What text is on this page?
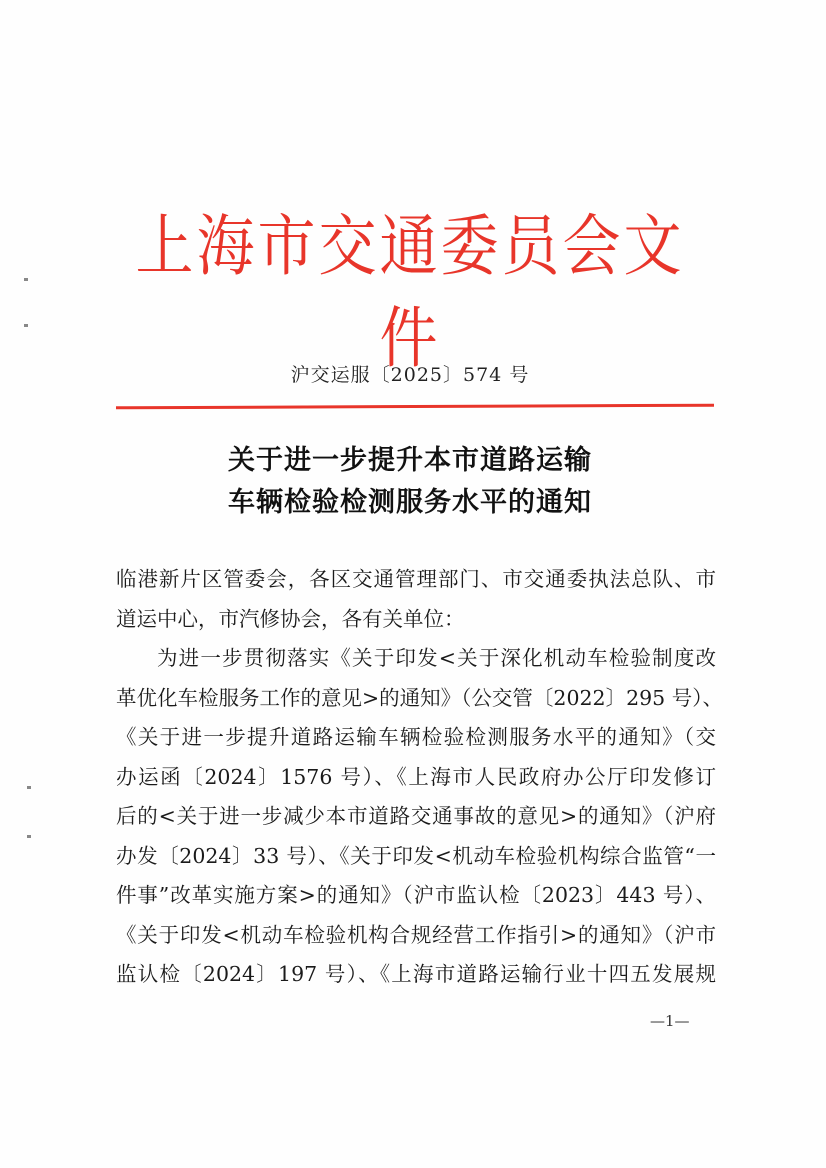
上海市交通委员会文件
沪交运服〔2025〕574 号
关于进一步提升本市道路运输
车辆检验检测服务水平的通知
临港新片区管委会，各区交通管理部门、市交通委执法总队、市
道运中心，市汽修协会，各有关单位：
为进一步贯彻落实《关于印发<关于深化机动车检验制度改
革优化车检服务工作的意见>的通知》（公交管〔2022〕295 号）、
《关于进一步提升道路运输车辆检验检测服务水平的通知》（交
办运函〔2024〕1576 号）、《上海市人民政府办公厅印发修订
后的<关于进一步减少本市道路交通事故的意见>的通知》（沪府
办发〔2024〕33 号）、《关于印发<机动车检验机构综合监管“一
件事”改革实施方案>的通知》（沪市监认检〔2023〕443 号）、
《关于印发<机动车检验机构合规经营工作指引>的通知》（沪市
监认检〔2024〕197 号）、《上海市道路运输行业十四五发展规
—1—
